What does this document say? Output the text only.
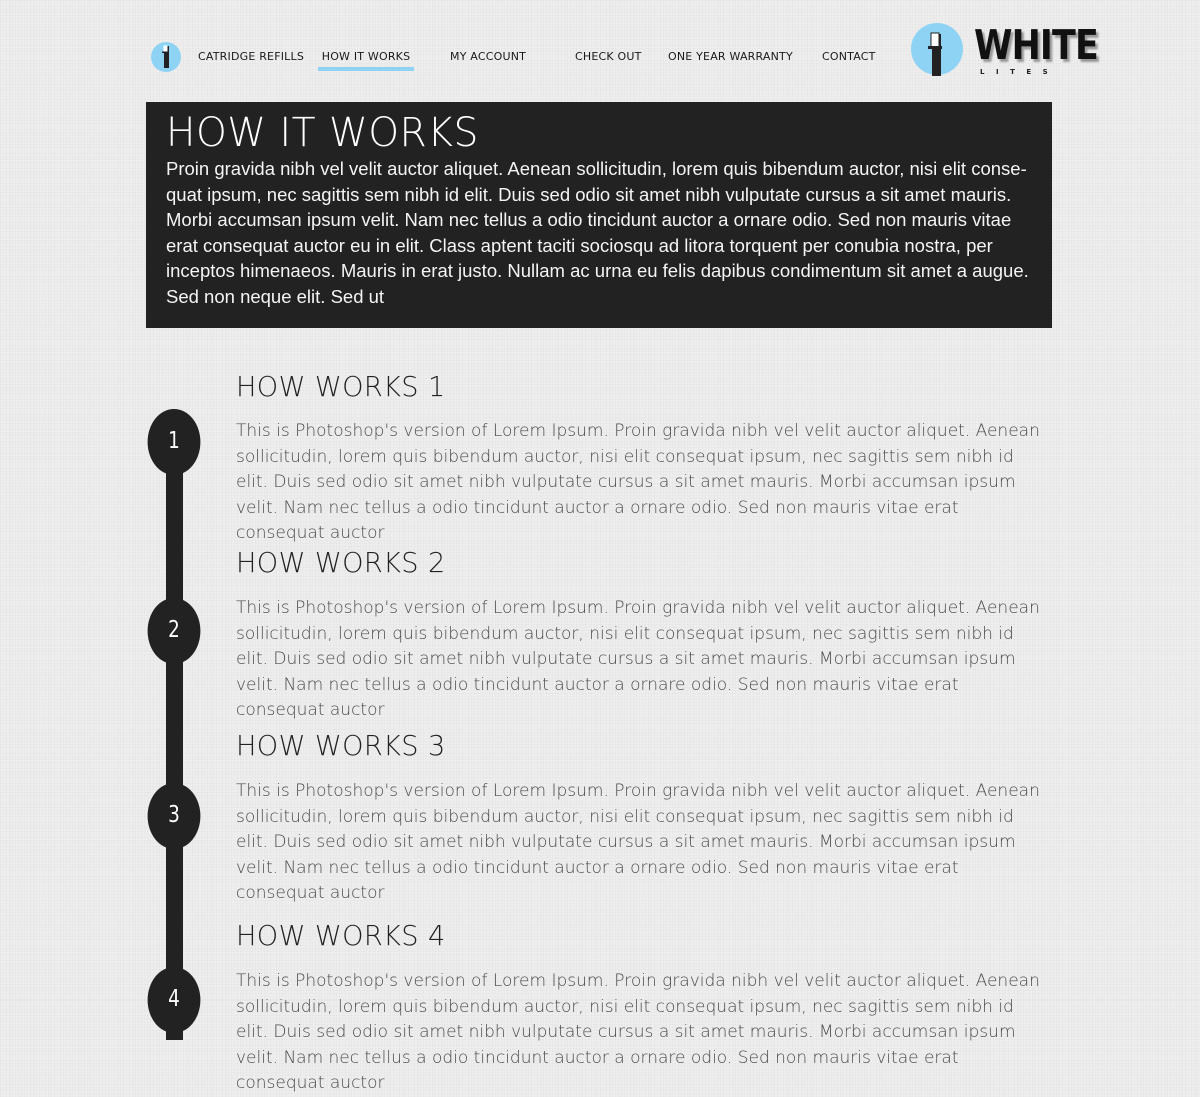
CATRIDGE REFILLS	HOW IT WORKS	MY ACCOUNT	CHECK OUT ONE YEAR WARRANTY	CONTACT WHITE
LITES
HOW IT WORKS

Proin gravida nibh vel velit auctor aliquet. Aenean sollicitudin, lorem quis bibendum auctor, nisi elit conse-quat ipsum, nec sagittis sem nibh id elit. Duis sed odio sit amet nibh vulputate cursus a sit amet mauris. Morbi accumsan ipsum velit. Nam nec tellus a odio tincidunt auctor a ornare odio. Sed non mauris vitae erat consequat auctor eu in elit. Class aptent taciti sociosqu ad litora torquent per conubia nostra, per inceptos himenaeos. Mauris in erat justo. Nullam ac urna eu felis dapibus condimentum sit amet a augue. Sed non neque elit. Sed ut

1
HOW WORKS 1

This is Photoshop's version of Lorem Ipsum. Proin gravida nibh vel velit auctor aliquet. Aenean sollicitudin, lorem quis bibendum auctor, nisi elit consequat ipsum, nec sagittis sem nibh id elit. Duis sed odio sit amet nibh vulputate cursus a sit amet mauris. Morbi accumsan ipsum velit. Nam nec tellus a odio tincidunt auctor a ornare odio. Sed non mauris vitae erat consequat auctor

2
HOW WORKS 2

This is Photoshop's version of Lorem Ipsum. Proin gravida nibh vel velit auctor aliquet. Aenean sollicitudin, lorem quis bibendum auctor, nisi elit consequat ipsum, nec sagittis sem nibh id elit. Duis sed odio sit amet nibh vulputate cursus a sit amet mauris. Morbi accumsan ipsum velit. Nam nec tellus a odio tincidunt auctor a ornare odio. Sed non mauris vitae erat consequat auctor

3
HOW WORKS 3

This is Photoshop's version of Lorem Ipsum. Proin gravida nibh vel velit auctor aliquet. Aenean sollicitudin, lorem quis bibendum auctor, nisi elit consequat ipsum, nec sagittis sem nibh id elit. Duis sed odio sit amet nibh vulputate cursus a sit amet mauris. Morbi accumsan ipsum velit. Nam nec tellus a odio tincidunt auctor a ornare odio. Sed non mauris vitae erat consequat auctor

4
HOW WORKS 4

This is Photoshop's version of Lorem Ipsum. Proin gravida nibh vel velit auctor aliquet. Aenean sollicitudin, lorem quis bibendum auctor, nisi elit consequat ipsum, nec sagittis sem nibh id elit. Duis sed odio sit amet nibh vulputate cursus a sit amet mauris. Morbi accumsan ipsum velit. Nam nec tellus a odio tincidunt auctor a ornare odio. Sed non mauris vitae erat consequat auctor
